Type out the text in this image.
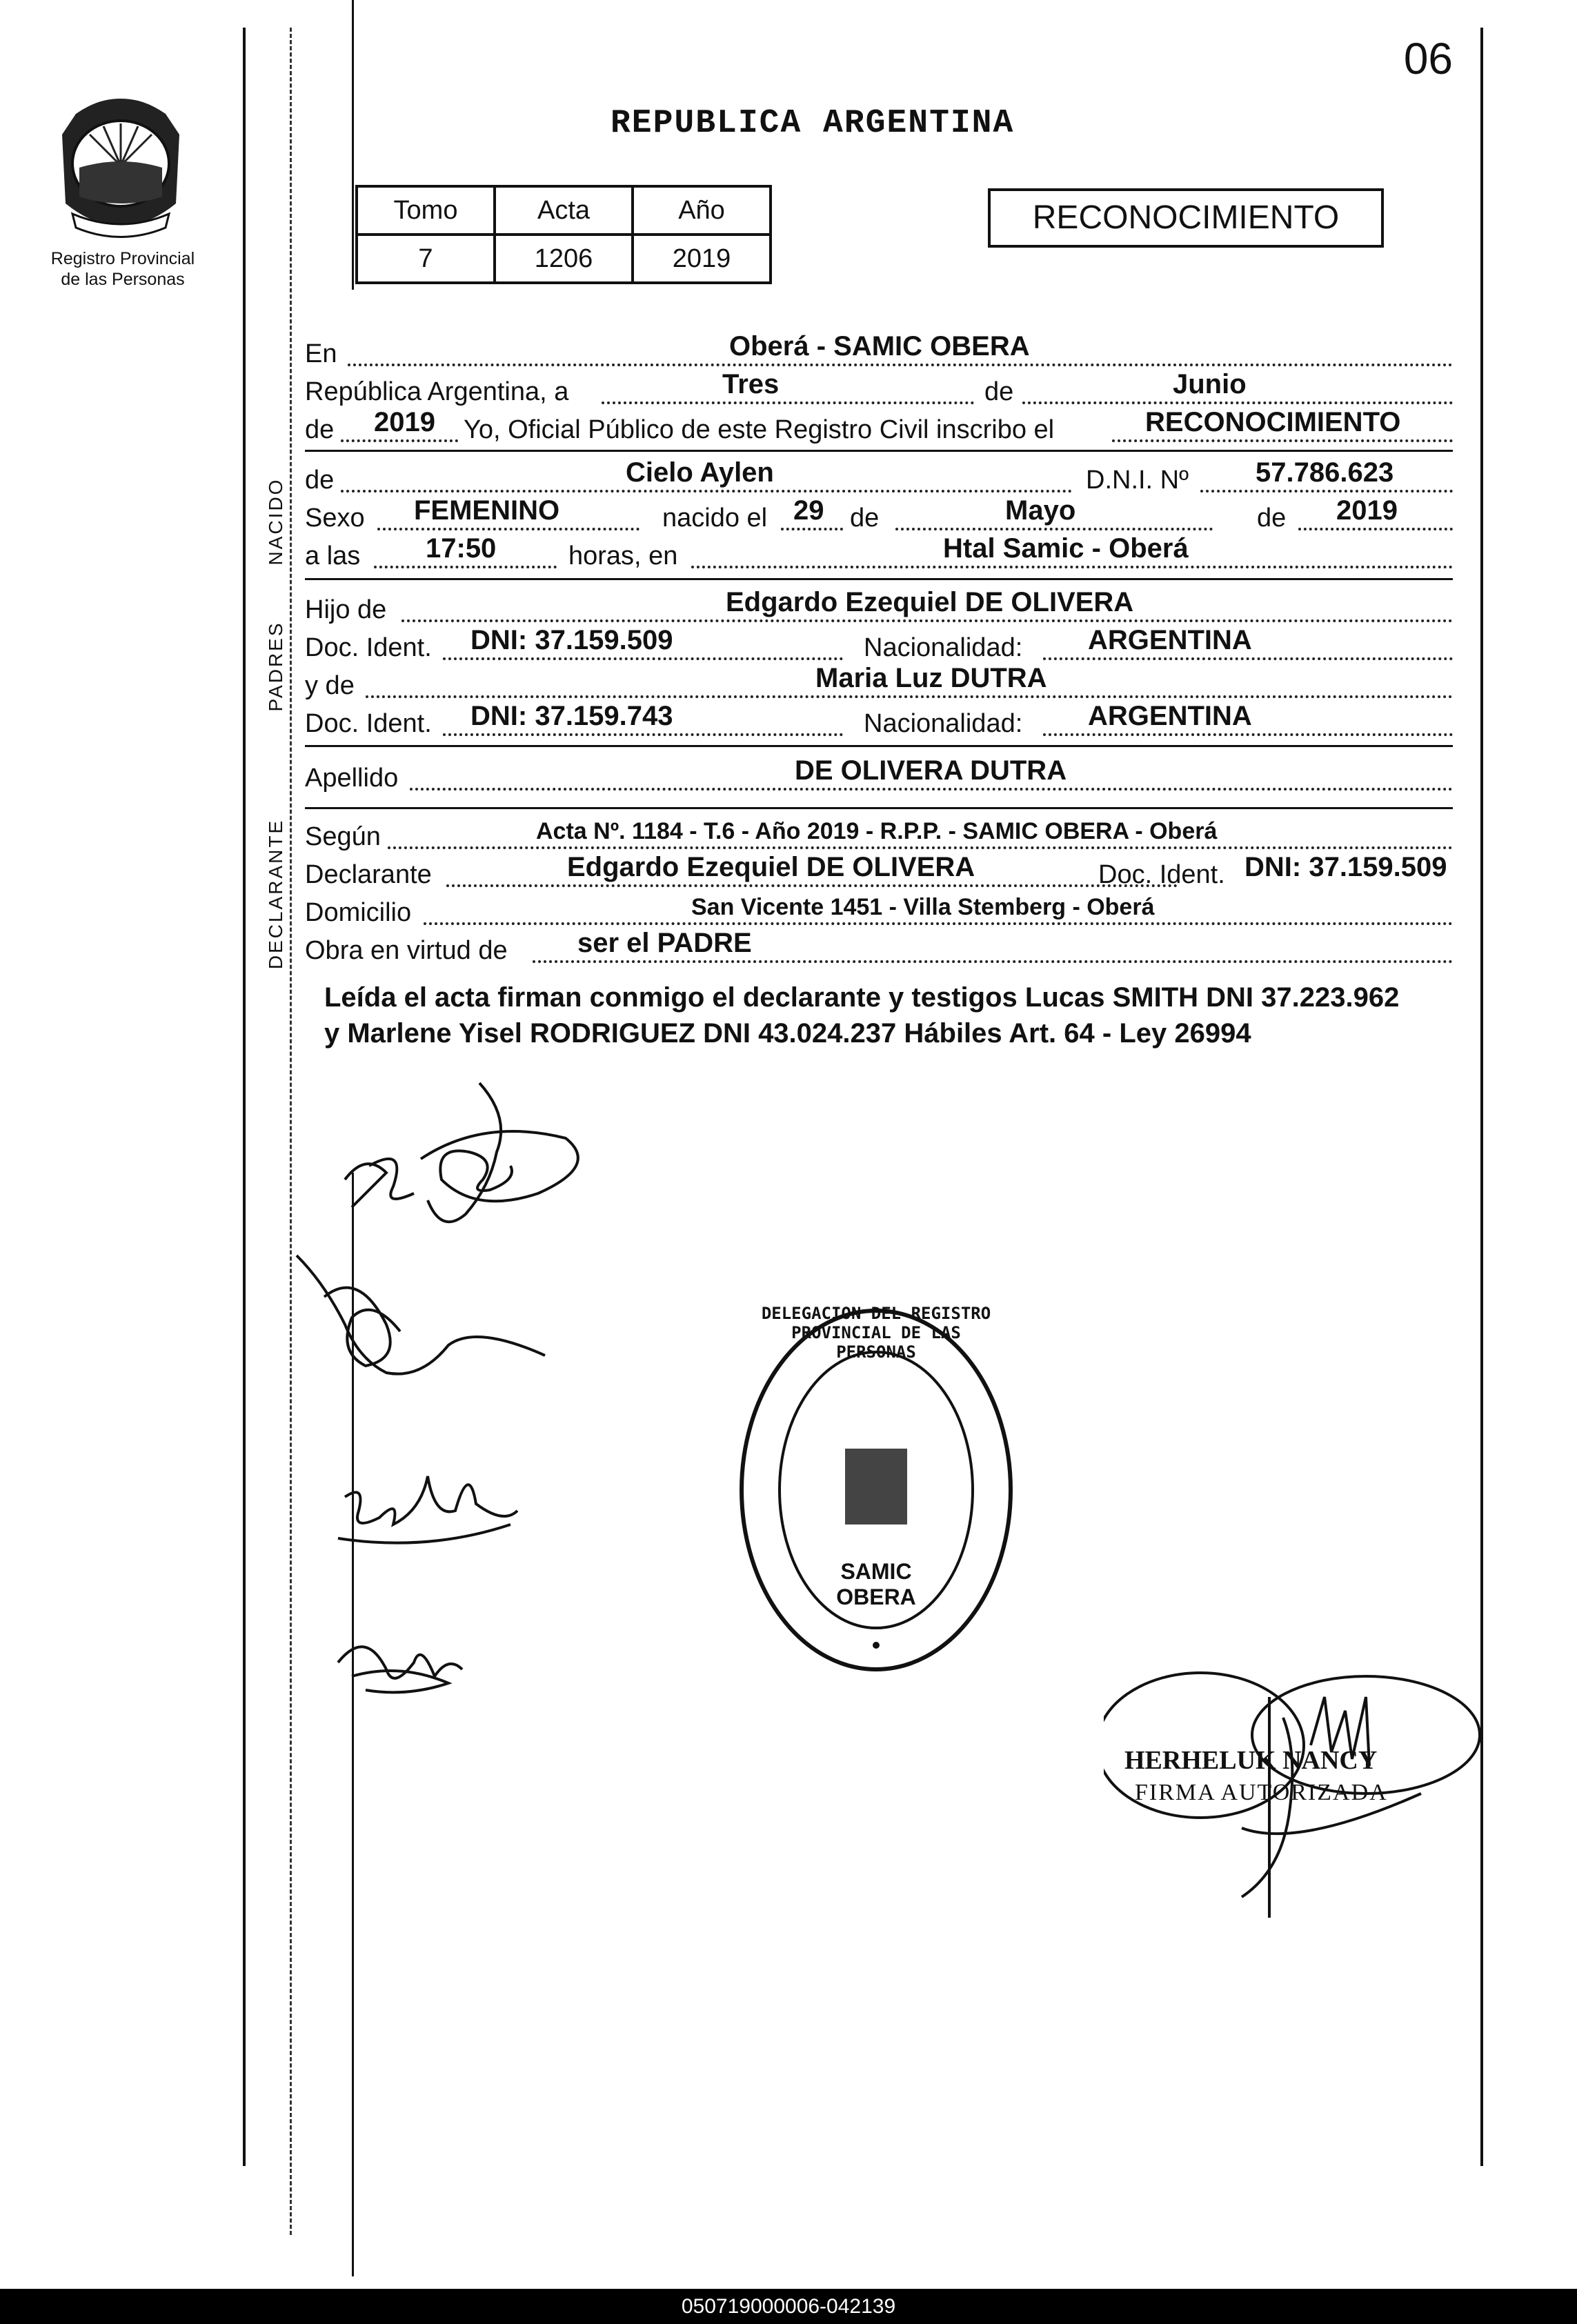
06
Registro Provincial
de las Personas
REPUBLICA ARGENTINA
Tomo	Acta	Año
7	1206	2019
RECONOCIMIENTO
En	Oberá - SAMIC OBERA
República Argentina, a	Tres	de	Junio
de 2019 Yo, Oficial Público de este Registro Civil inscribo el	RECONOCIMIENTO
NACIDO de	Cielo Aylen	D.N.I. Nº 57.786.623
Sexo FEMENINO	nacido el 29 de	Mayo	de 2019
a las 17:50	horas, en	Htal Samic - Oberá
PADRES
Hijo de	Edgardo Ezequiel DE OLIVERA
Doc. Ident. DNI: 37.159.509	Nacionalidad: ARGENTINA
y de	Maria Luz DUTRA
Doc. Ident. DNI: 37.159.743	Nacionalidad: ARGENTINA
Apellido	DE OLIVERA DUTRA
DECLARANTE Según	Acta Nº. 1184 - T.6 - Año 2019 - R.P.P. - SAMIC OBERA - Oberá
Declarante	Edgardo Ezequiel DE OLIVERA	Doc. Ident. DNI: 37.159.509
Domicilio	San Vicente 1451 - Villa Stemberg - Oberá
Obra en virtud de	ser el PADRE
Leída el acta firman conmigo el declarante y testigos Lucas SMITH DNI 37.223.962
y Marlene Yisel RODRIGUEZ DNI 43.024.237 Hábiles Art. 64 - Ley 26994
DELEGACION DEL REGISTRO PROVINCIAL DE LAS PERSONAS
SAMIC OBERA
HERHELUK NANCY
FIRMA AUTORIZADA
050719000006-042139
